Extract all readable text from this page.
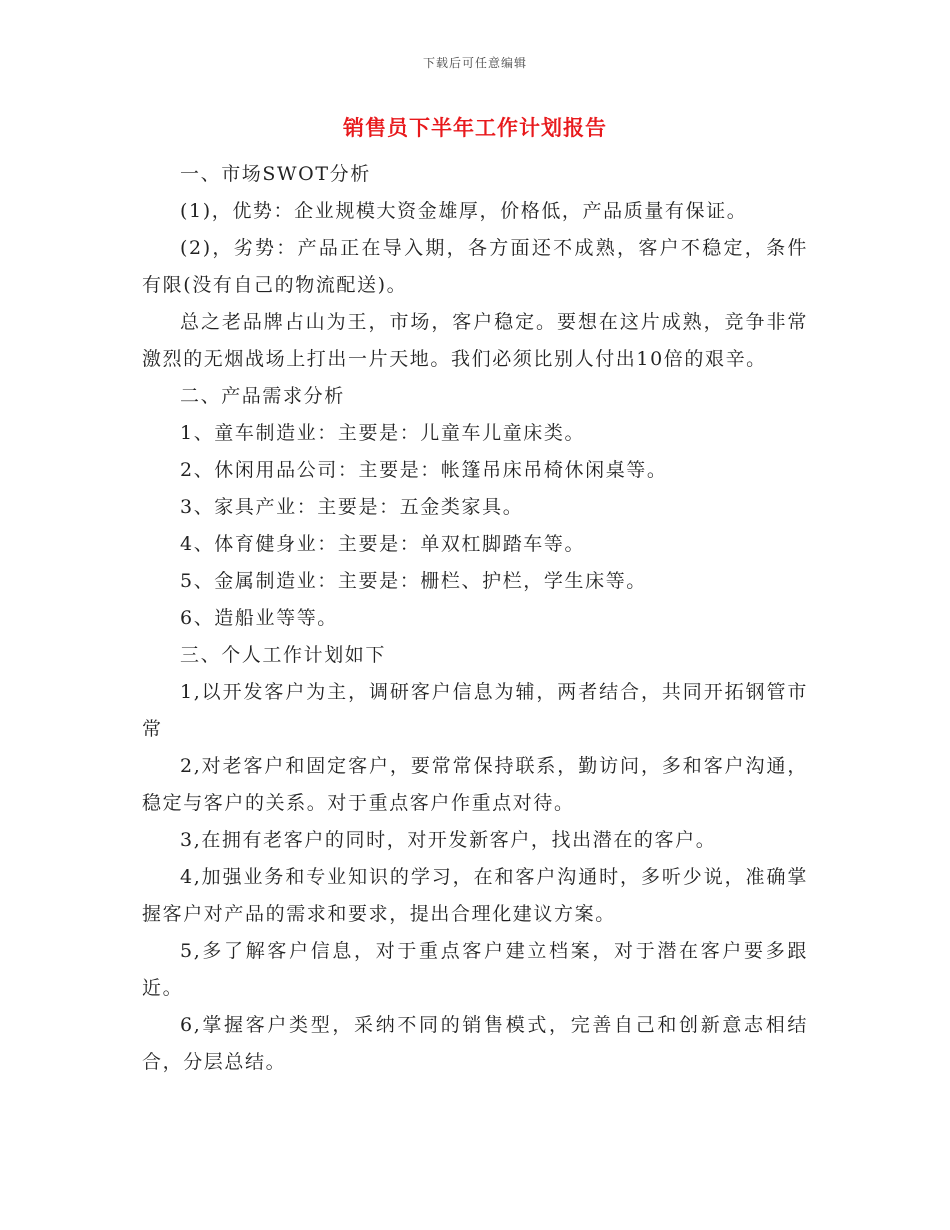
下载后可任意编辑
销售员下半年工作计划报告

一、市场SWOT分析

(1)，优势：企业规模大资金雄厚，价格低，产品质量有保证。

(2)，劣势：产品正在导入期，各方面还不成熟，客户不稳定，条件有限(没有自己的物流配送)。

总之老品牌占山为王，市场，客户稳定。要想在这片成熟，竞争非常激烈的无烟战场上打出一片天地。我们必须比别人付出10倍的艰辛。

二、产品需求分析

1、童车制造业：主要是：儿童车儿童床类。

2、休闲用品公司：主要是：帐篷吊床吊椅休闲桌等。

3、家具产业：主要是：五金类家具。

4、体育健身业：主要是：单双杠脚踏车等。

5、金属制造业：主要是：栅栏、护栏，学生床等。

6、造船业等等。

三、个人工作计划如下

1,以开发客户为主，调研客户信息为辅，两者结合，共同开拓钢管市常

2,对老客户和固定客户，要常常保持联系，勤访问，多和客户沟通，稳定与客户的关系。对于重点客户作重点对待。

3,在拥有老客户的同时，对开发新客户，找出潜在的客户。

4,加强业务和专业知识的学习，在和客户沟通时，多听少说，准确掌握客户对产品的需求和要求，提出合理化建议方案。

5,多了解客户信息，对于重点客户建立档案，对于潜在客户要多跟近。

6,掌握客户类型，采纳不同的销售模式，完善自己和创新意志相结合，分层总结。
